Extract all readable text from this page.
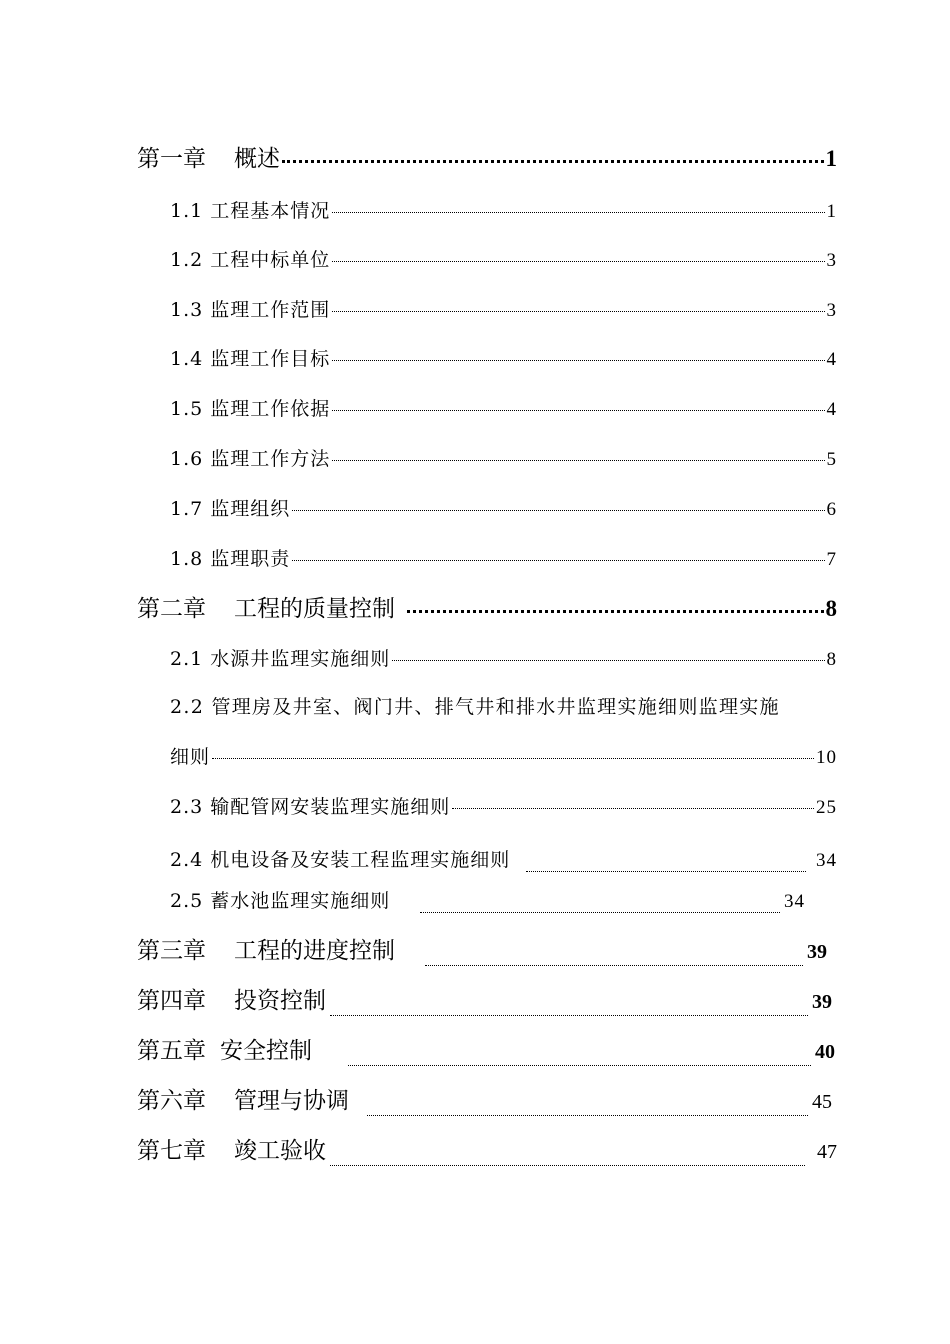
第一章 概述	1
1.1 工程基本情况	1
1.2 工程中标单位	3
1.3 监理工作范围	3
1.4 监理工作目标	4
1.5 监理工作依据	4
1.6 监理工作方法	5
1.7 监理组织	6
1.8 监理职责	7
第二章 工程的质量控制	8
2.1 水源井监理实施细则	8
2.2 管理房及井室、阀门井、排气井和排水井监理实施细则监理实施
细则	10
2.3 输配管网安装监理实施细则	25
2.4 机电设备及安装工程监理实施细则	34
2.5 蓄水池监理实施细则	34
第三章 工程的进度控制	39
第四章 投资控制	39
第五章 安全控制	40
第六章 管理与协调	45
第七章 竣工验收	47
